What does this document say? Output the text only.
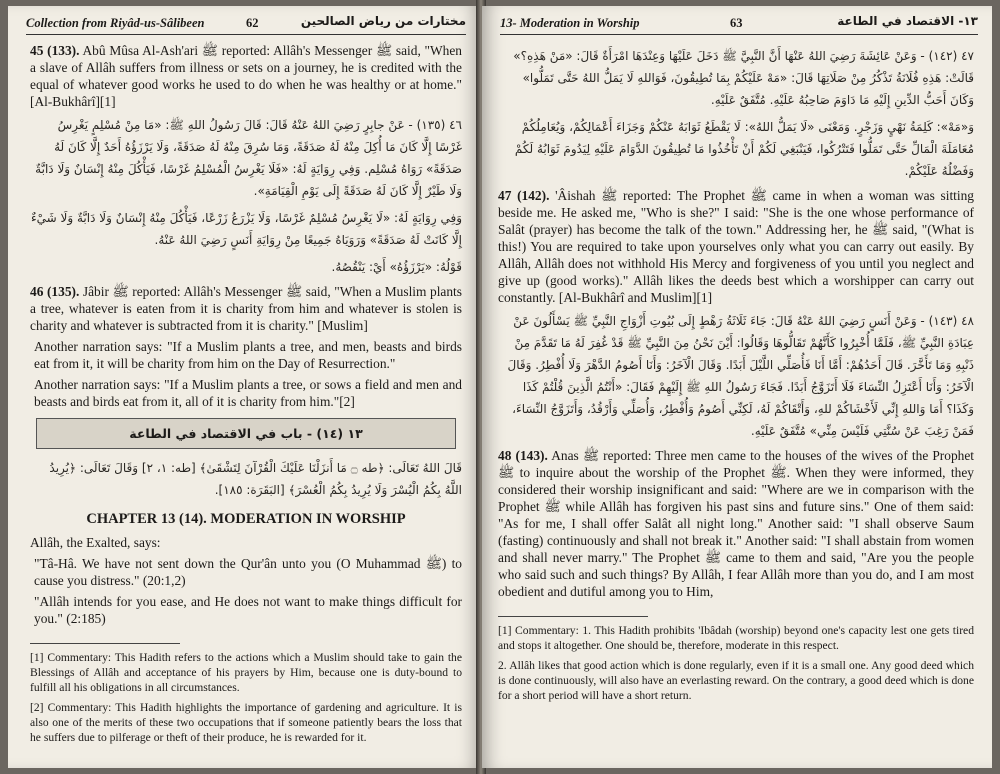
Collection from Riyâd-us-Sâlibeen	62	مختارات من رياض الصالحين

45 (133). Abû Mûsa Al-Ash'ari ﷺ reported: Allâh's Messenger ﷺ said, "When a slave of Allâh suffers from illness or sets on a journey, he is credited with the equal of whatever good works he used to do when he was healthy or at home." [Al-Bukhârî][1]

٤٦ (١٣٥) - عَنْ جابِرٍ رَضِيَ اللهُ عَنْهُ قَالَ: قَالَ رَسُولُ اللهِ ﷺ: «مَا مِنْ مُسْلِمٍ يَغْرِسُ غَرْسًا إِلَّا كَانَ مَا أُكِلَ مِنْهُ لَهُ صَدَقَةً، وَمَا سُرِقَ مِنْهُ لَهُ صَدَقَةً، وَلَا يَرْزَؤُهُ أَحَدٌ إِلَّا كَانَ لَهُ صَدَقَةً» رَوَاهُ مُسْلِم. وَفِي رِوَايَةٍ لَهُ: «فَلَا يَغْرِسُ الْمُسْلِمُ غَرْسًا، فَيَأْكُلَ مِنْهُ إِنْسَانٌ وَلَا دَابَّةٌ وَلَا طَيْرٌ إِلَّا كَانَ لَهُ صَدَقَةً إِلَى يَوْمِ الْقِيَامَةِ».

وَفِي رِوَايَةٍ لَهُ: «لَا يَغْرِسُ مُسْلِمٌ غَرْسًا، وَلَا يَزْرَعُ زَرْعًا، فَيَأْكُلَ مِنْهُ إِنْسَانٌ وَلَا دَابَّةٌ وَلَا شَيْءٌ إِلَّا كَانَتْ لَهُ صَدَقَةً» وَرَوَيَاهُ جَمِيعًا مِنْ رِوَايَةِ أَنَسٍ رَضِيَ اللهُ عَنْهُ.

قَوْلُهُ: «يَرْزَؤُهُ» أَيْ: يَنْقُصُهُ.

46 (135). Jâbir ﷺ reported: Allâh's Messenger ﷺ said, "When a Muslim plants a tree, whatever is eaten from it is charity from him and whatever is stolen is charity and whatever is subtracted from it is charity." [Muslim]

Another narration says: "If a Muslim plants a tree, and men, beasts and birds eat from it, it will be charity from him on the Day of Resurrection."

Another narration says: "If a Muslim plants a tree, or sows a field and men and beasts and birds eat from it, all of it is charity from him."[2]

١٣ (١٤) - باب في الاقتصاد في الطاعة

قَالَ اللهُ تَعَالَى: ﴿طه ۝ مَا أَنزَلْنَا عَلَيْكَ الْقُرْآنَ لِتَشْقَىٰ﴾ [طه: ١، ٢] وَقَالَ تَعَالَى: ﴿يُرِيدُ اللَّهُ بِكُمُ الْيُسْرَ وَلَا يُرِيدُ بِكُمُ الْعُسْرَ﴾ [البَقَرَة: ١٨٥].

CHAPTER 13 (14). MODERATION IN WORSHIP

Allâh, the Exalted, says:

"Tâ-Hâ. We have not sent down the Qur'ân unto you (O Muhammad ﷺ) to cause you distress." (20:1,2)

"Allâh intends for you ease, and He does not want to make things difficult for you." (2:185)

[1] Commentary: This Hadith refers to the actions which a Muslim should take to gain the Blessings of Allâh and acceptance of his prayers by Him, because one is duty-bound to fulfill all his obligations in all circumstances.

[2] Commentary: This Hadith highlights the importance of gardening and agriculture. It is also one of the merits of these two occupations that if someone patiently bears the loss that he suffers due to pilferage or theft of their produce, he is rewarded for it.

13- Moderation in Worship	63	١٣- الاقتصاد في الطاعة

٤٧ (١٤٢) - وَعَنْ عَائِشَةَ رَضِيَ اللهُ عَنْهَا أَنَّ النَّبِيَّ ﷺ دَخَلَ عَلَيْهَا وَعِنْدَهَا امْرَأَةٌ قَالَ: «مَنْ هَذِهِ؟» قَالَتْ: هَذِهِ فُلَانَةُ تَذْكُرُ مِنْ صَلَاتِهَا قَالَ: «مَهْ عَلَيْكُمْ بِمَا تُطِيقُونَ، فَوَاللهِ لَا يَمَلُّ اللهُ حَتَّى تَمَلُّوا» وَكَانَ أَحَبُّ الدِّينِ إِلَيْهِ مَا دَاوَمَ صَاحِبُهُ عَلَيْهِ. مُتَّفَقٌ عَلَيْهِ.

وَ«مَهْ»: كَلِمَةُ نَهْيٍ وَزَجْرٍ. وَمَعْنَى «لَا يَمَلُّ اللهُ»: لَا يَقْطَعُ ثَوَابَهُ عَنْكُمْ وَجَزَاءَ أَعْمَالِكُمْ، وَيُعَامِلُكُمْ مُعَامَلَةَ الْمَالِّ حَتَّى تَمَلُّوا فَتَتْرُكُوا، فَيَنْبَغِي لَكُمْ أَنْ تَأْخُذُوا مَا تُطِيقُونَ الدَّوَامَ عَلَيْهِ لِيَدُومَ ثَوَابُهُ لَكُمْ وَفَضْلُهُ عَلَيْكُمْ.

47 (142). 'Âishah ﷺ reported: The Prophet ﷺ came in when a woman was sitting beside me. He asked me, "Who is she?" I said: "She is the one whose performance of Salât (prayer) has become the talk of the town." Addressing her, he ﷺ said, "(What is this!) You are required to take upon yourselves only what you can carry out easily. By Allâh, Allâh does not withhold His Mercy and forgiveness of you until you neglect and give up (good works)." Allâh likes the deeds best which a worshipper can carry out constantly. [Al-Bukhârî and Muslim][1]

٤٨ (١٤٣) - وَعَنْ أَنَسٍ رَضِيَ اللهُ عَنْهُ قَالَ: جَاءَ ثَلَاثَةُ رَهْطٍ إِلَى بُيُوتِ أَزْوَاجِ النَّبِيِّ ﷺ يَسْأَلُونَ عَنْ عِبَادَةِ النَّبِيِّ ﷺ، فَلَمَّا أُخْبِرُوا كَأَنَّهُمْ تَقَالُّوهَا وَقَالُوا: أَيْنَ نَحْنُ مِنَ النَّبِيِّ ﷺ قَدْ غُفِرَ لَهُ مَا تَقَدَّمَ مِنْ ذَنْبِهِ وَمَا تَأَخَّرَ. قَالَ أَحَدُهُمْ: أَمَّا أَنَا فَأُصَلِّي اللَّيْلَ أَبَدًا. وَقَالَ الْآخَرُ: وَأَنَا أَصُومُ الدَّهْرَ وَلَا أُفْطِرُ. وَقَالَ الْآخَرُ: وَأَنَا أَعْتَزِلُ النِّسَاءَ فَلَا أَتَزَوَّجُ أَبَدًا. فَجَاءَ رَسُولُ اللهِ ﷺ إِلَيْهِمْ فَقَالَ: «أَنْتُمُ الَّذِينَ قُلْتُمْ كَذَا وَكَذَا؟ أَمَا وَاللهِ إِنِّي لَأَخْشَاكُمْ للهِ، وَأَتْقَاكُمْ لَهُ، لَكِنِّي أَصُومُ وَأُفْطِرُ، وَأُصَلِّي وَأَرْقُدُ، وَأَتَزَوَّجُ النِّسَاءَ، فَمَنْ رَغِبَ عَنْ سُنَّتِي فَلَيْسَ مِنِّي» مُتَّفَقٌ عَلَيْهِ.

48 (143). Anas ﷺ reported: Three men came to the houses of the wives of the Prophet ﷺ to inquire about the worship of the Prophet ﷺ. When they were informed, they considered their worship insignificant and said: "Where are we in comparison with the Prophet ﷺ while Allâh has forgiven his past sins and future sins." One of them said: "As for me, I shall offer Salât all night long." Another said: "I shall observe Saum (fasting) continuously and shall not break it." Another said: "I shall abstain from women and shall never marry." The Prophet ﷺ came to them and said, "Are you the people who said such and such things? By Allâh, I fear Allâh more than you do, and I am most obedient and dutiful among you to Him,

[1] Commentary: 1. This Hadith prohibits 'Ibâdah (worship) beyond one's capacity lest one gets tired and stops it altogether. One should be, therefore, moderate in this respect.

2. Allâh likes that good action which is done regularly, even if it is a small one. Any good deed which is done continuously, will also have an everlasting reward. On the contrary, a good deed which is done for a short period will have a short return.
